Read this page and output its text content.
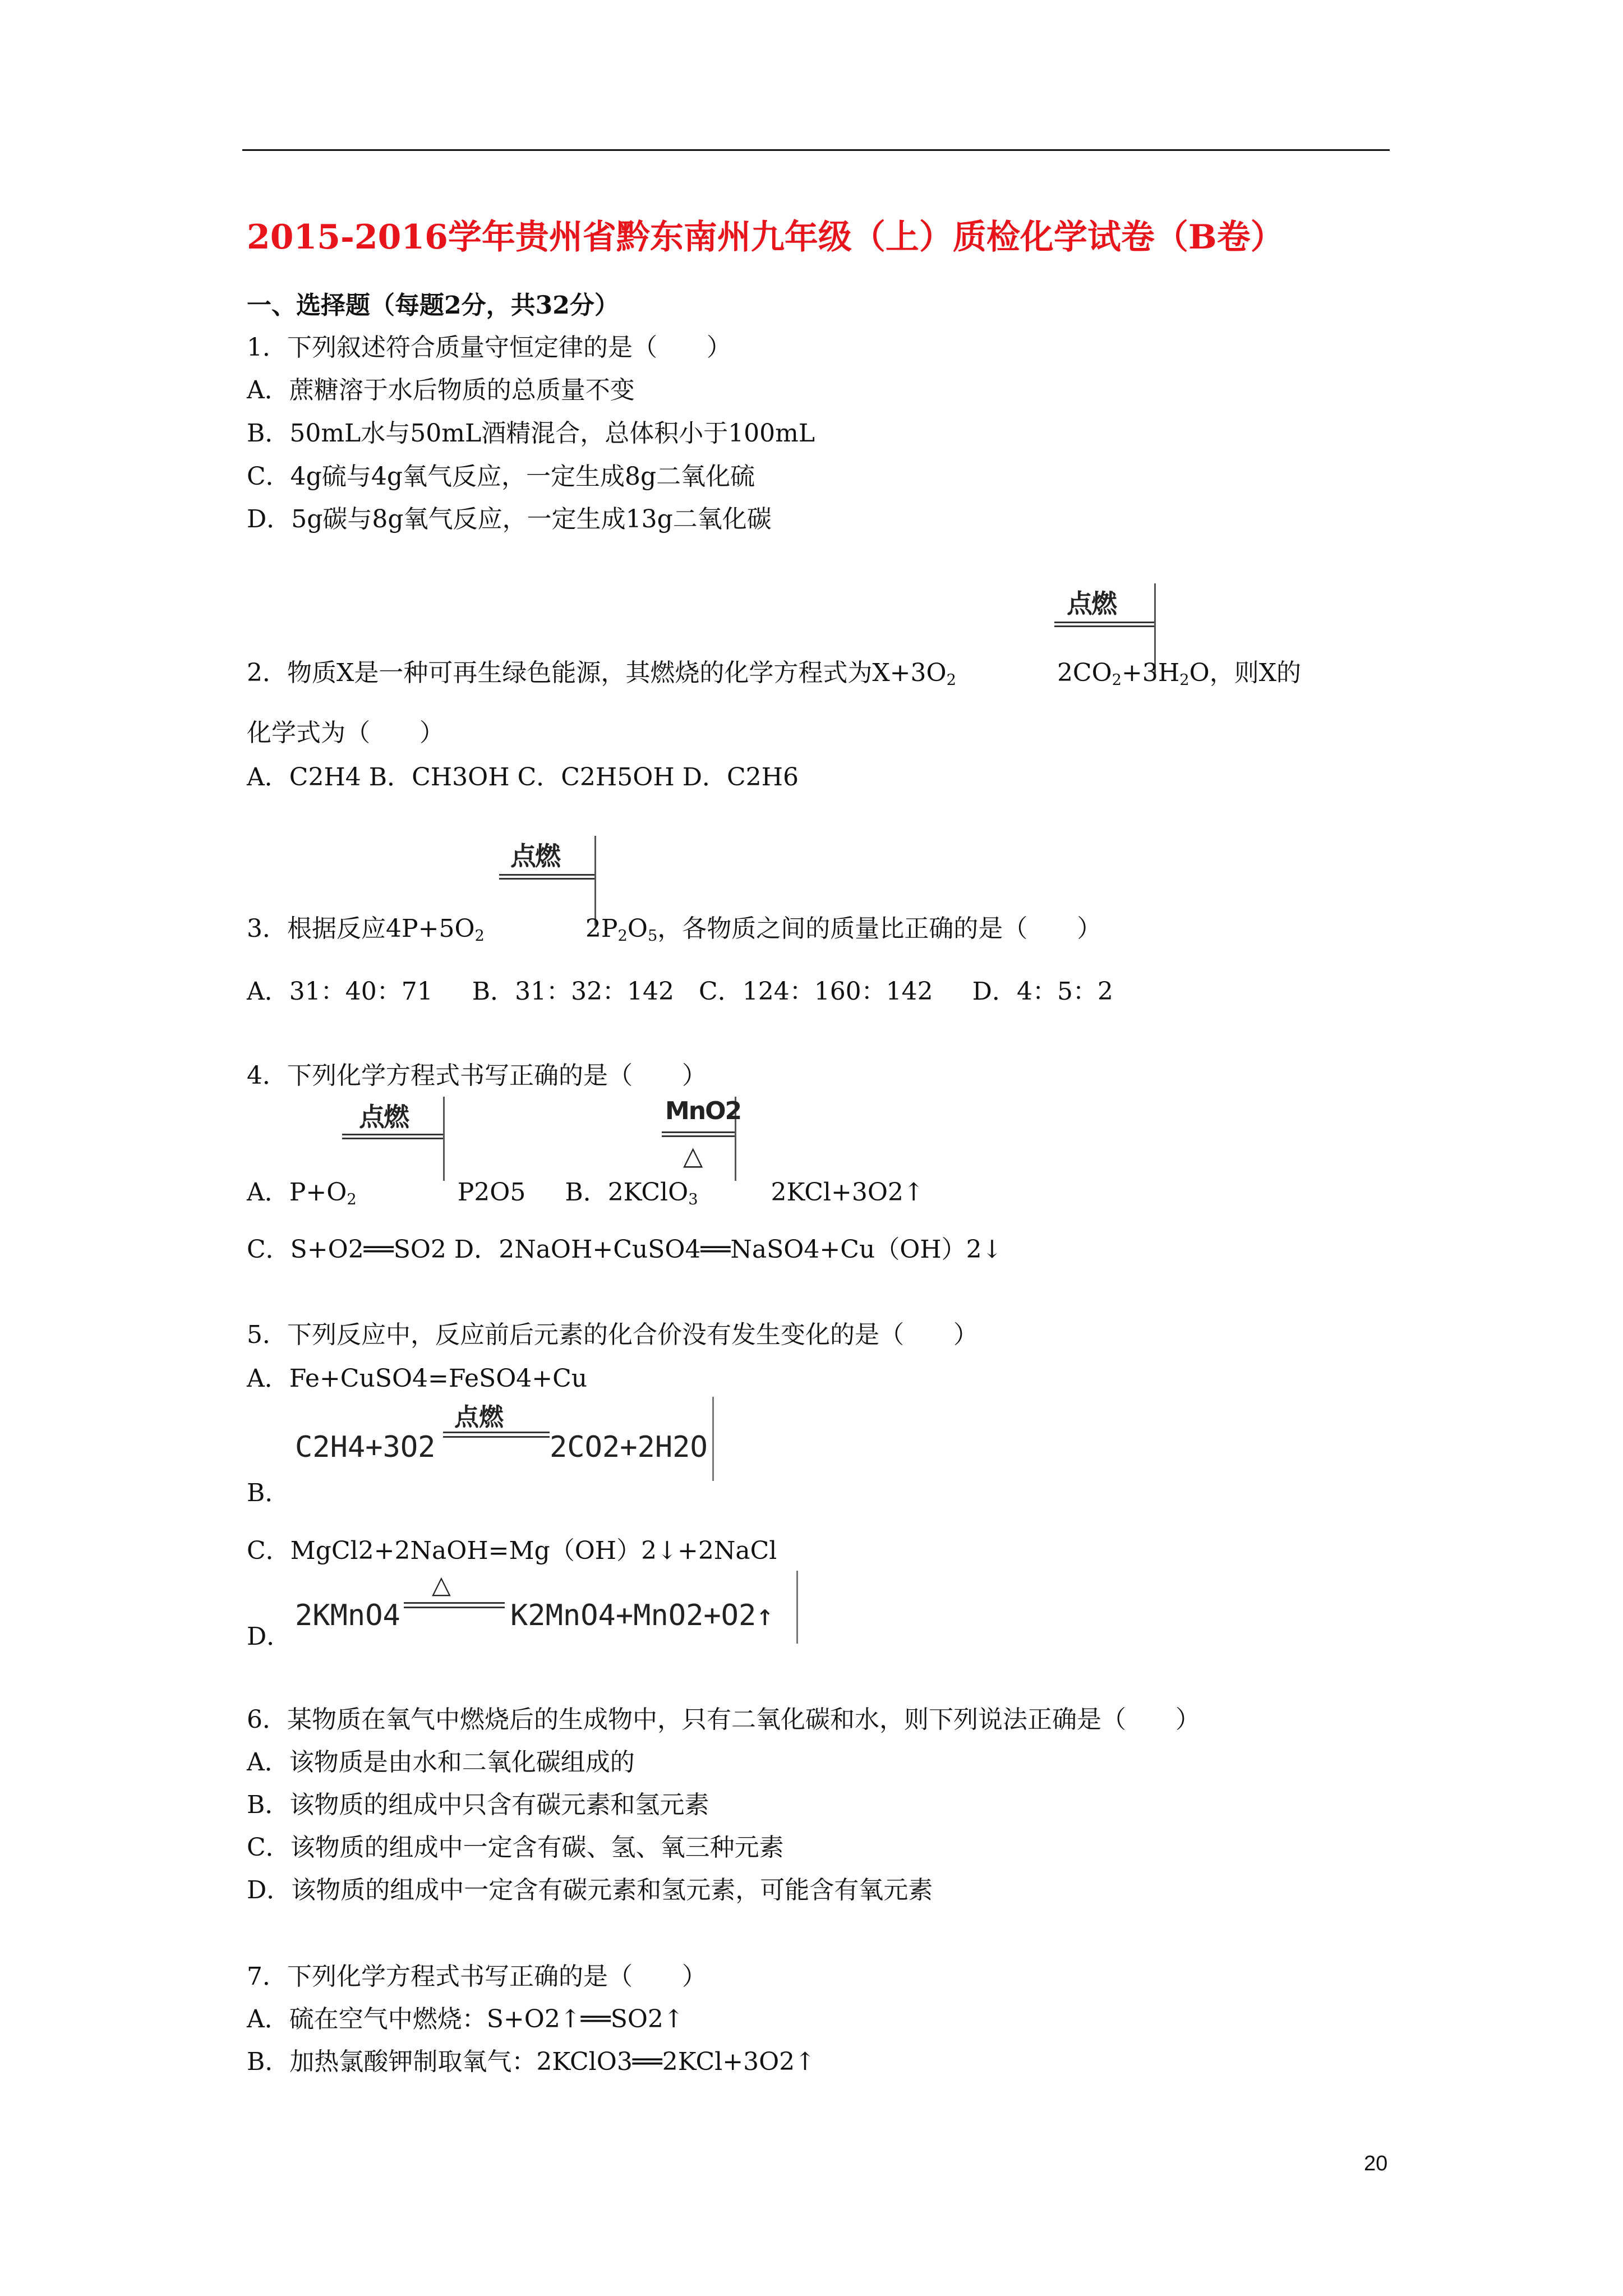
2015-2016学年贵州省黔东南州九年级（上）质检化学试卷（B卷）
一、选择题（每题2分，共32分）
1．下列叙述符合质量守恒定律的是（　　）
A．蔗糖溶于水后物质的总质量不变
B．50mL水与50mL酒精混合，总体积小于100mL
C．4g硫与4g氧气反应，一定生成8g二氧化硫
D．5g碳与8g氧气反应，一定生成13g二氧化碳
点燃
2．物质X是一种可再生绿色能源，其燃烧的化学方程式为$X+3O_2$	$2CO_2+3H_2O$，则X的
化学式为（　　）
A．C2H4 B．CH3OH C．C2H5OH D．C2H6
点燃
3．根据反应$4P+5O_2$	$2P_2O_5$，各物质之间的质量比正确的是（　　）
A．31：40：71 B．31：32：142 C．124：160：142 D．4：5：2
4．下列化学方程式书写正确的是（　　）
点燃	MnO2
△
A．$P+O_2$	P2O5 B．2KClO$_3$	2KCl+3O2↑
C．S+O2══SO2 D．2NaOH+CuSO4══NaSO4+Cu（OH）2↓
5．下列反应中，反应前后元素的化合价没有发生变化的是（　　）
A．Fe+CuSO4=FeSO4+Cu
C2H4+3O2
点燃
2CO2+2H2O
B．
C．MgCl2+2NaOH=Mg（OH）2↓+2NaCl
2KMnO4
△
K2MnO4+MnO2+O2↑
D．
6．某物质在氧气中燃烧后的生成物中，只有二氧化碳和水，则下列说法正确是（　　）
A．该物质是由水和二氧化碳组成的
B．该物质的组成中只含有碳元素和氢元素
C．该物质的组成中一定含有碳、氢、氧三种元素
D．该物质的组成中一定含有碳元素和氢元素，可能含有氧元素
7．下列化学方程式书写正确的是（　　）
A．硫在空气中燃烧：S+O2↑══SO2↑
B．加热氯酸钾制取氧气：2KClO3══2KCl+3O2↑
20
